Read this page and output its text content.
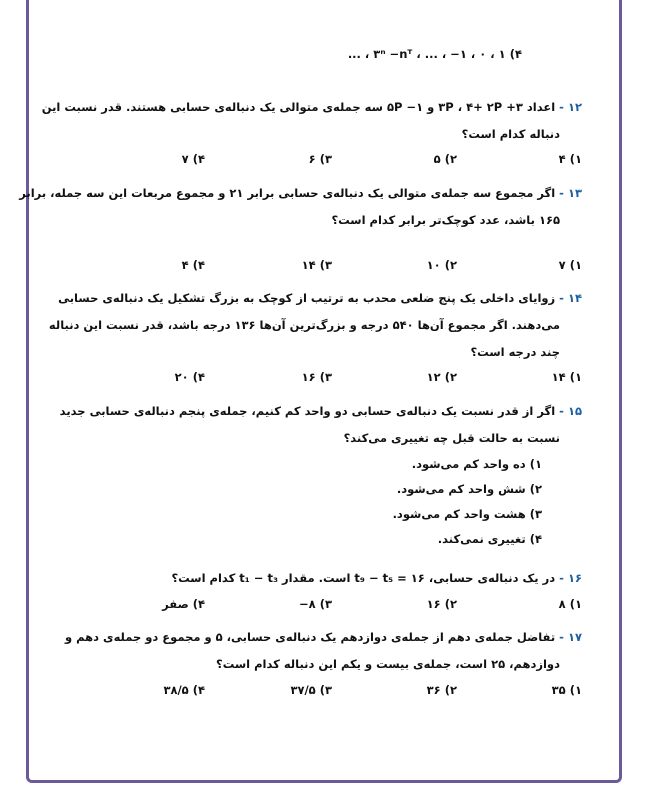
۴) ۱ ، ۰ ، ۱− ، ... ، ۳ⁿ −nᵀ ، ...
۱۲ - اعداد ۳+ ۳P ، ۴+ ۲P و ۱− ۵P سه جمله‌ی متوالی یک دنباله‌ی حسابی هستند. قدر نسبت این
دنباله کدام است؟
۱) ۴
۲) ۵
۳) ۶
۴) ۷
۱۳ - اگر مجموع سه جمله‌ی متوالی یک دنباله‌ی حسابی برابر ۲۱ و مجموع مربعات این سه جمله، برابر
۱۶۵ باشد، عدد کوچک‌تر برابر کدام است؟
۱) ۷
۲) ۱۰
۳) ۱۴
۴) ۴
۱۴ - زوایای داخلی یک پنج ضلعی محدب به ترتیب از کوچک به بزرگ تشکیل یک دنباله‌ی حسابی
می‌دهند. اگر مجموع آن‌ها ۵۴۰ درجه و بزرگ‌ترین آن‌ها ۱۳۶ درجه باشد، قدر نسبت این دنباله
چند درجه است؟
۱) ۱۴
۲) ۱۲
۳) ۱۶
۴) ۲۰
۱۵ - اگر از قدر نسبت یک دنباله‌ی حسابی دو واحد کم کنیم، جمله‌ی پنجم دنباله‌ی حسابی جدید
نسبت به حالت قبل چه تغییری می‌کند؟
۱) ده واحد کم می‌شود.
۲) شش واحد کم می‌شود.
۳) هشت واحد کم می‌شود.
۴) تغییری نمی‌کند.
۱۶ - در یک دنباله‌ی حسابی، ۱۶ = t₉ − t₅ است. مقدار t₁ − t₃ کدام است؟
۱) ۸
۲) ۱۶
۳) ۸−
۴) صفر
۱۷ - تفاضل جمله‌ی دهم از جمله‌ی دوازدهم یک دنباله‌ی حسابی، ۵ و مجموع دو جمله‌ی دهم و
دوازدهم، ۲۵ است، جمله‌ی بیست و یکم این دنباله کدام است؟
۱) ۳۵
۲) ۳۶
۳) ۳۷/۵
۴) ۳۸/۵
